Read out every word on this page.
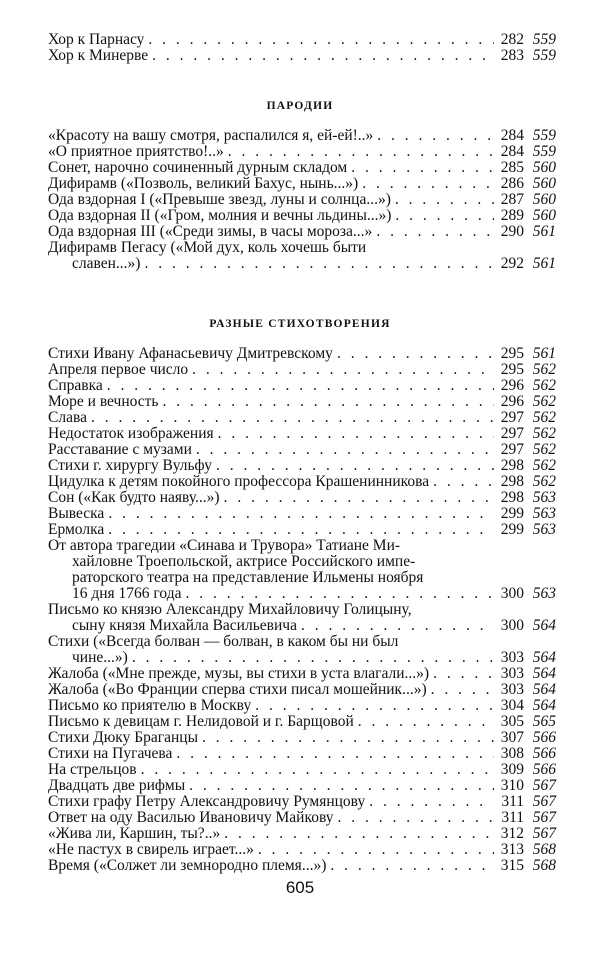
Хор к Парнасу . . .	282 559
Хор к Минерве . . .	283 559
ПАРОДИИ
«Красоту на вашу смотря, распалился я, ей-ей!..» . . .	284 559
«О приятное приятство!..» . . .	284 559
Сонет, нарочно сочиненный дурным складом . . .	285 560
Дифирамв («Позволь, великий Бахус, нынь...») . . .	286 560
Ода вздорная I («Превыше звезд, луны и солнца...») . . .	287 560
Ода вздорная II («Гром, молния и вечны льдины...») . . .	289 560
Ода вздорная III («Среди зимы, в часы мороза...» . . .	290 561
Дифирамв Пегасу («Мой дух, коль хочешь быти
славен...») . . .	292 561
РАЗНЫЕ СТИХОТВОРЕНИЯ
Стихи Ивану Афанасьевичу Дмитревскому . . .	295 561
Апреля первое число . . .	295 562
Справка . . .	296 562
Море и вечность . . .	296 562
Слава . . .	297 562
Недостаток изображения . . .	297 562
Расставание с музами . . .	297 562
Стихи г. хирургу Вульфу . . .	298 562
Цидулка к детям покойного профессора Крашенинникова . . .	298 562
Сон («Как будто наяву...») . . .	298 563
Вывеска . . .	299 563
Ермолка . . .	299 563
От автора трагедии «Синава и Трувора» Татиане Ми-
хайловне Троепольской, актрисе Российского импе-
раторского театра на представление Ильмены ноября
16 дня 1766 года . . .	300 563
Письмо ко князю Александру Михайловичу Голицыну,
сыну князя Михайла Васильевича . . .	300 564
Стихи («Всегда болван — болван, в каком бы ни был
чине...») . . .	303 564
Жалоба («Мне прежде, музы, вы стихи в уста влагали...») . . .	303 564
Жалоба («Во Франции сперва стихи писал мошейник...») . . .	303 564
Письмо ко приятелю в Москву . . .	304 564
Письмо к девицам г. Нелидовой и г. Барщовой . . .	305 565
Стихи Дюку Браганцы . . .	307 566
Стихи на Пугачева . . .	308 566
На стрельцов . . .	309 566
Двадцать две рифмы . . .	310 567
Стихи графу Петру Александровичу Румянцову . . .	311 567
Ответ на оду Василью Ивановичу Майкову . . .	311 567
«Жива ли, Каршин, ты?..» . . .	312 567
«Не пастух в свирель играет...» . . .	313 568
Время («Солжет ли земнородно племя...») . . .	315 568
605
